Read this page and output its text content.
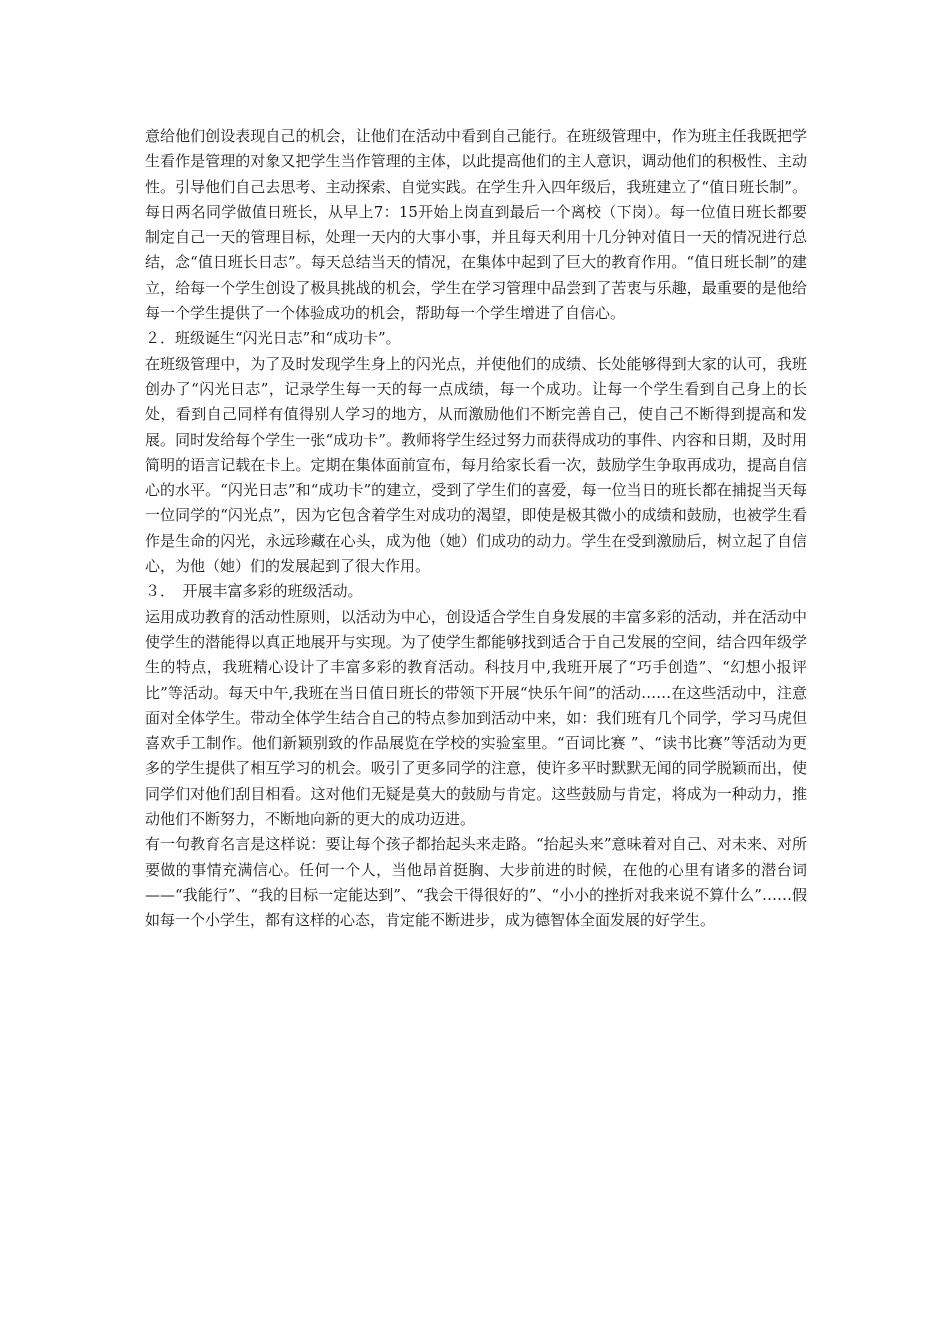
意给他们创设表现自己的机会，让他们在活动中看到自己能行。在班级管理中，作为班主任我既把学生看作是管理的对象又把学生当作管理的主体，以此提高他们的主人意识，调动他们的积极性、主动性。引导他们自己去思考、主动探索、自觉实践。在学生升入四年级后，我班建立了“值日班长制”。每日两名同学做值日班长，从早上7：15开始上岗直到最后一个离校（下岗）。每一位值日班长都要制定自己一天的管理目标，处理一天内的大事小事，并且每天利用十几分钟对值日一天的情况进行总结，念“值日班长日志”。每天总结当天的情况，在集体中起到了巨大的教育作用。“值日班长制”的建立，给每一个学生创设了极具挑战的机会，学生在学习管理中品尝到了苦衷与乐趣，最重要的是他给每一个学生提供了一个体验成功的机会，帮助每一个学生增进了自信心。

２．班级诞生“闪光日志”和“成功卡”。

在班级管理中，为了及时发现学生身上的闪光点，并使他们的成绩、长处能够得到大家的认可，我班创办了“闪光日志”，记录学生每一天的每一点成绩，每一个成功。让每一个学生看到自己身上的长处，看到自己同样有值得别人学习的地方，从而激励他们不断完善自己，使自己不断得到提高和发展。同时发给每个学生一张“成功卡”。教师将学生经过努力而获得成功的事件、内容和日期，及时用简明的语言记载在卡上。定期在集体面前宣布，每月给家长看一次，鼓励学生争取再成功，提高自信心的水平。“闪光日志”和“成功卡”的建立，受到了学生们的喜爱，每一位当日的班长都在捕捉当天每一位同学的“闪光点”，因为它包含着学生对成功的渴望，即使是极其微小的成绩和鼓励，也被学生看作是生命的闪光，永远珍藏在心头，成为他（她）们成功的动力。学生在受到激励后，树立起了自信心，为他（她）们的发展起到了很大作用。

３．　开展丰富多彩的班级活动。

运用成功教育的活动性原则，以活动为中心，创设适合学生自身发展的丰富多彩的活动，并在活动中使学生的潜能得以真正地展开与实现。为了使学生都能够找到适合于自己发展的空间，结合四年级学生的特点，我班精心设计了丰富多彩的教育活动。科技月中,我班开展了“巧手创造”、“幻想小报评比”等活动。每天中午,我班在当日值日班长的带领下开展“快乐午间”的活动……在这些活动中，注意面对全体学生。带动全体学生结合自己的特点参加到活动中来，如：我们班有几个同学，学习马虎但喜欢手工制作。他们新颖别致的作品展览在学校的实验室里。“百词比赛 ”、“读书比赛”等活动为更多的学生提供了相互学习的机会。吸引了更多同学的注意，使许多平时默默无闻的同学脱颖而出，使同学们对他们刮目相看。这对他们无疑是莫大的鼓励与肯定。这些鼓励与肯定，将成为一种动力，推动他们不断努力，不断地向新的更大的成功迈进。

有一句教育名言是这样说：要让每个孩子都抬起头来走路。“抬起头来”意味着对自己、对未来、对所要做的事情充满信心。任何一个人，当他昂首挺胸、大步前进的时候，在他的心里有诸多的潜台词——“我能行”、“我的目标一定能达到”、“我会干得很好的”、“小小的挫折对我来说不算什么”……假如每一个小学生，都有这样的心态，肯定能不断进步，成为德智体全面发展的好学生。
